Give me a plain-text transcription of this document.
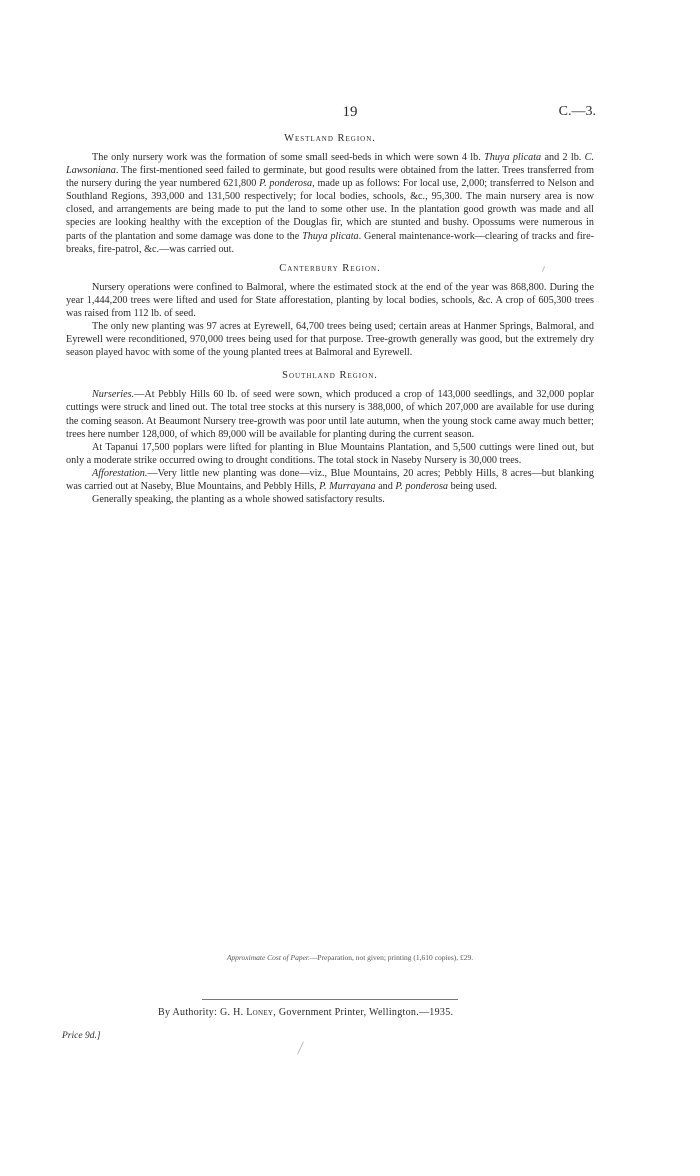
19	C.—3.
Westland Region.

The only nursery work was the formation of some small seed-beds in which were sown 4 lb. Thuya plicata and 2 lb. C. Lawsoniana. The first-mentioned seed failed to germinate, but good results were obtained from the latter. Trees transferred from the nursery during the year numbered 621,800 P. ponderosa, made up as follows: For local use, 2,000; transferred to Nelson and Southland Regions, 393,000 and 131,500 respectively; for local bodies, schools, &c., 95,300. The main nursery area is now closed, and arrangements are being made to put the land to some other use. In the plantation good growth was made and all species are looking healthy with the exception of the Douglas fir, which are stunted and bushy. Opossums were numerous in parts of the plantation and some damage was done to the Thuya plicata. General maintenance-work—clearing of tracks and fire-breaks, fire-patrol, &c.—was carried out.

Canterbury Region.

Nursery operations were confined to Balmoral, where the estimated stock at the end of the year was 868,800. During the year 1,444,200 trees were lifted and used for State afforestation, planting by local bodies, schools, &c. A crop of 605,300 trees was raised from 112 lb. of seed.

The only new planting was 97 acres at Eyrewell, 64,700 trees being used; certain areas at Hanmer Springs, Balmoral, and Eyrewell were reconditioned, 970,000 trees being used for that purpose. Tree-growth generally was good, but the extremely dry season played havoc with some of the young planted trees at Balmoral and Eyrewell.

Southland Region.

Nurseries.—At Pebbly Hills 60 lb. of seed were sown, which produced a crop of 143,000 seedlings, and 32,000 poplar cuttings were struck and lined out. The total tree stocks at this nursery is 388,000, of which 207,000 are available for use during the coming season. At Beaumont Nursery tree-growth was poor until late autumn, when the young stock came away much better; trees here number 128,000, of which 89,000 will be available for planting during the current season.

At Tapanui 17,500 poplars were lifted for planting in Blue Mountains Plantation, and 5,500 cuttings were lined out, but only a moderate strike occurred owing to drought conditions. The total stock in Naseby Nursery is 30,000 trees.

Afforestation.—Very little new planting was done—viz., Blue Mountains, 20 acres; Pebbly Hills, 8 acres—but blanking was carried out at Naseby, Blue Mountains, and Pebbly Hills, P. Murrayana and P. ponderosa being used.

Generally speaking, the planting as a whole showed satisfactory results.

Approximate Cost of Paper.—Preparation, not given; printing (1,610 copies), £29.
By Authority: G. H. Loney, Government Printer, Wellington.—1935.
Price 9d.]
